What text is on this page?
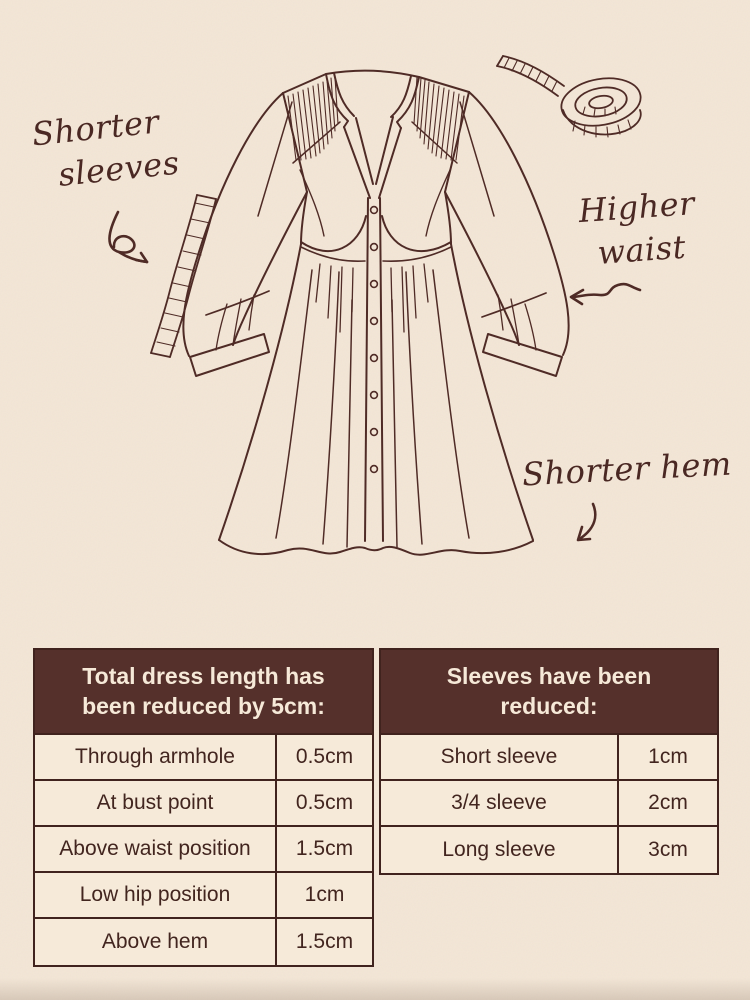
Shorter
sleeves
Higher
waist
Shorter hem
Total dress length has been reduced by 5cm:
Through armhole	0.5cm
At bust point	0.5cm
Above waist position	1.5cm
Low hip position	1cm
Above hem	1.5cm
Sleeves have been reduced:
Short sleeve	1cm
3/4 sleeve	2cm
Long sleeve	3cm
